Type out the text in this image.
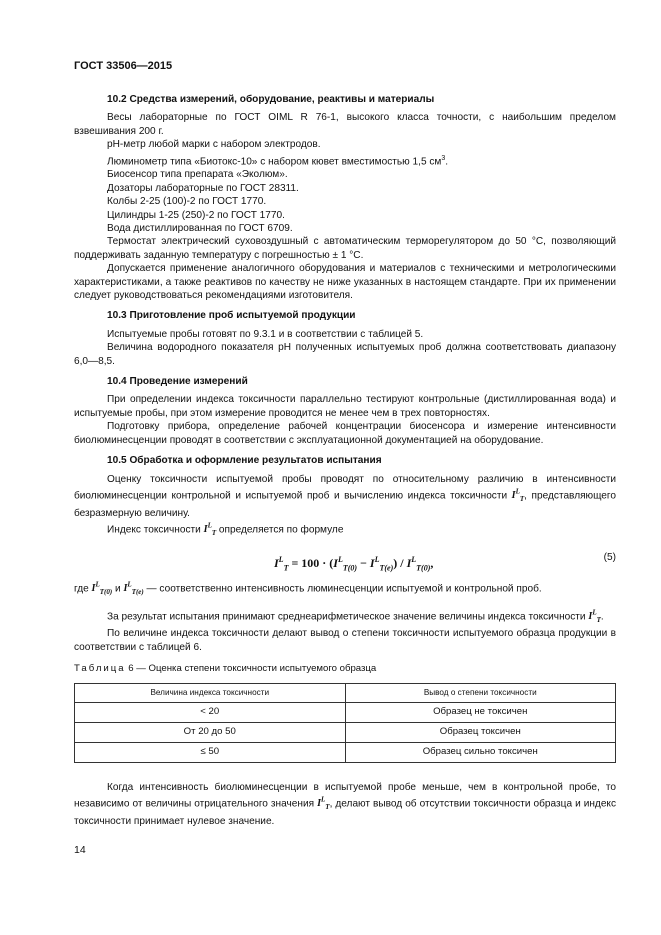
ГОСТ 33506—2015
10.2 Средства измерений, оборудование, реактивы и материалы

Весы лабораторные по ГОСТ OIML R 76-1, высокого класса точности, с наибольшим пределом взвешивания 200 г.

pH-метр любой марки с набором электродов.

Люминометр типа «Биотокс-10» с набором кювет вместимостью 1,5 $см^3$.

Биосенсор типа препарата «Эколюм».

Дозаторы лабораторные по ГОСТ 28311.

Колбы 2-25 (100)-2 по ГОСТ 1770.

Цилиндры 1-25 (250)-2 по ГОСТ 1770.

Вода дистиллированная по ГОСТ 6709.

Термостат электрический суховоздушный с автоматическим терморегулятором до 50 °С, позволяющий поддерживать заданную температуру с погрешностью ± 1 °С.

Допускается применение аналогичного оборудования и материалов с техническими и метрологическими характеристиками, а также реактивов по качеству не ниже указанных в настоящем стандарте. При их применении следует руководствоваться рекомендациями изготовителя.

10.3 Приготовление проб испытуемой продукции

Испытуемые пробы готовят по 9.3.1 и в соответствии с таблицей 5.

Величина водородного показателя рН полученных испытуемых проб должна соответствовать диапазону 6,0—8,5.

10.4 Проведение измерений

При определении индекса токсичности параллельно тестируют контрольные (дистиллированная вода) и испытуемые пробы, при этом измерение проводится не менее чем в трех повторностях.

Подготовку прибора, определение рабочей концентрации биосенсора и измерение интенсивности биолюминесценции проводят в соответствии с эксплуатационной документацией на оборудование.

10.5 Обработка и оформление результатов испытания

Оценку токсичности испытуемой пробы проводят по относительному различию в интенсивности биолюминесценции контрольной и испытуемой проб и вычислению индекса токсичности $I^L_T$, представляющего безразмерную величину.

Индекс токсичности $I^L_T$ определяется по формуле

$I^L_T = 100 \cdot (I^L_{T(0)} - I^L_{T(e)}) / I^L_{T(0)}$,	(5)

где $I^L_{T(0)}$ и $I^L_{T(e)}$ — соответственно интенсивность люминесценции испытуемой и контрольной проб.

За результат испытания принимают среднеарифметическое значение величины индекса токсичности $I^L_T$.

По величине индекса токсичности делают вывод о степени токсичности испытуемого образца продукции в соответствии с таблицей 6.

Таблица 6 — Оценка степени токсичности испытуемого образца
Величина индекса токсичности	Вывод о степени токсичности
< 20	Образец не токсичен
От 20 до 50	Образец токсичен
≤ 50	Образец сильно токсичен

Когда интенсивность биолюминесценции в испытуемой пробе меньше, чем в контрольной пробе, то независимо от величины отрицательного значения $I^L_T$, делают вывод об отсутствии токсичности образца и индекс токсичности принимает нулевое значение.

14
